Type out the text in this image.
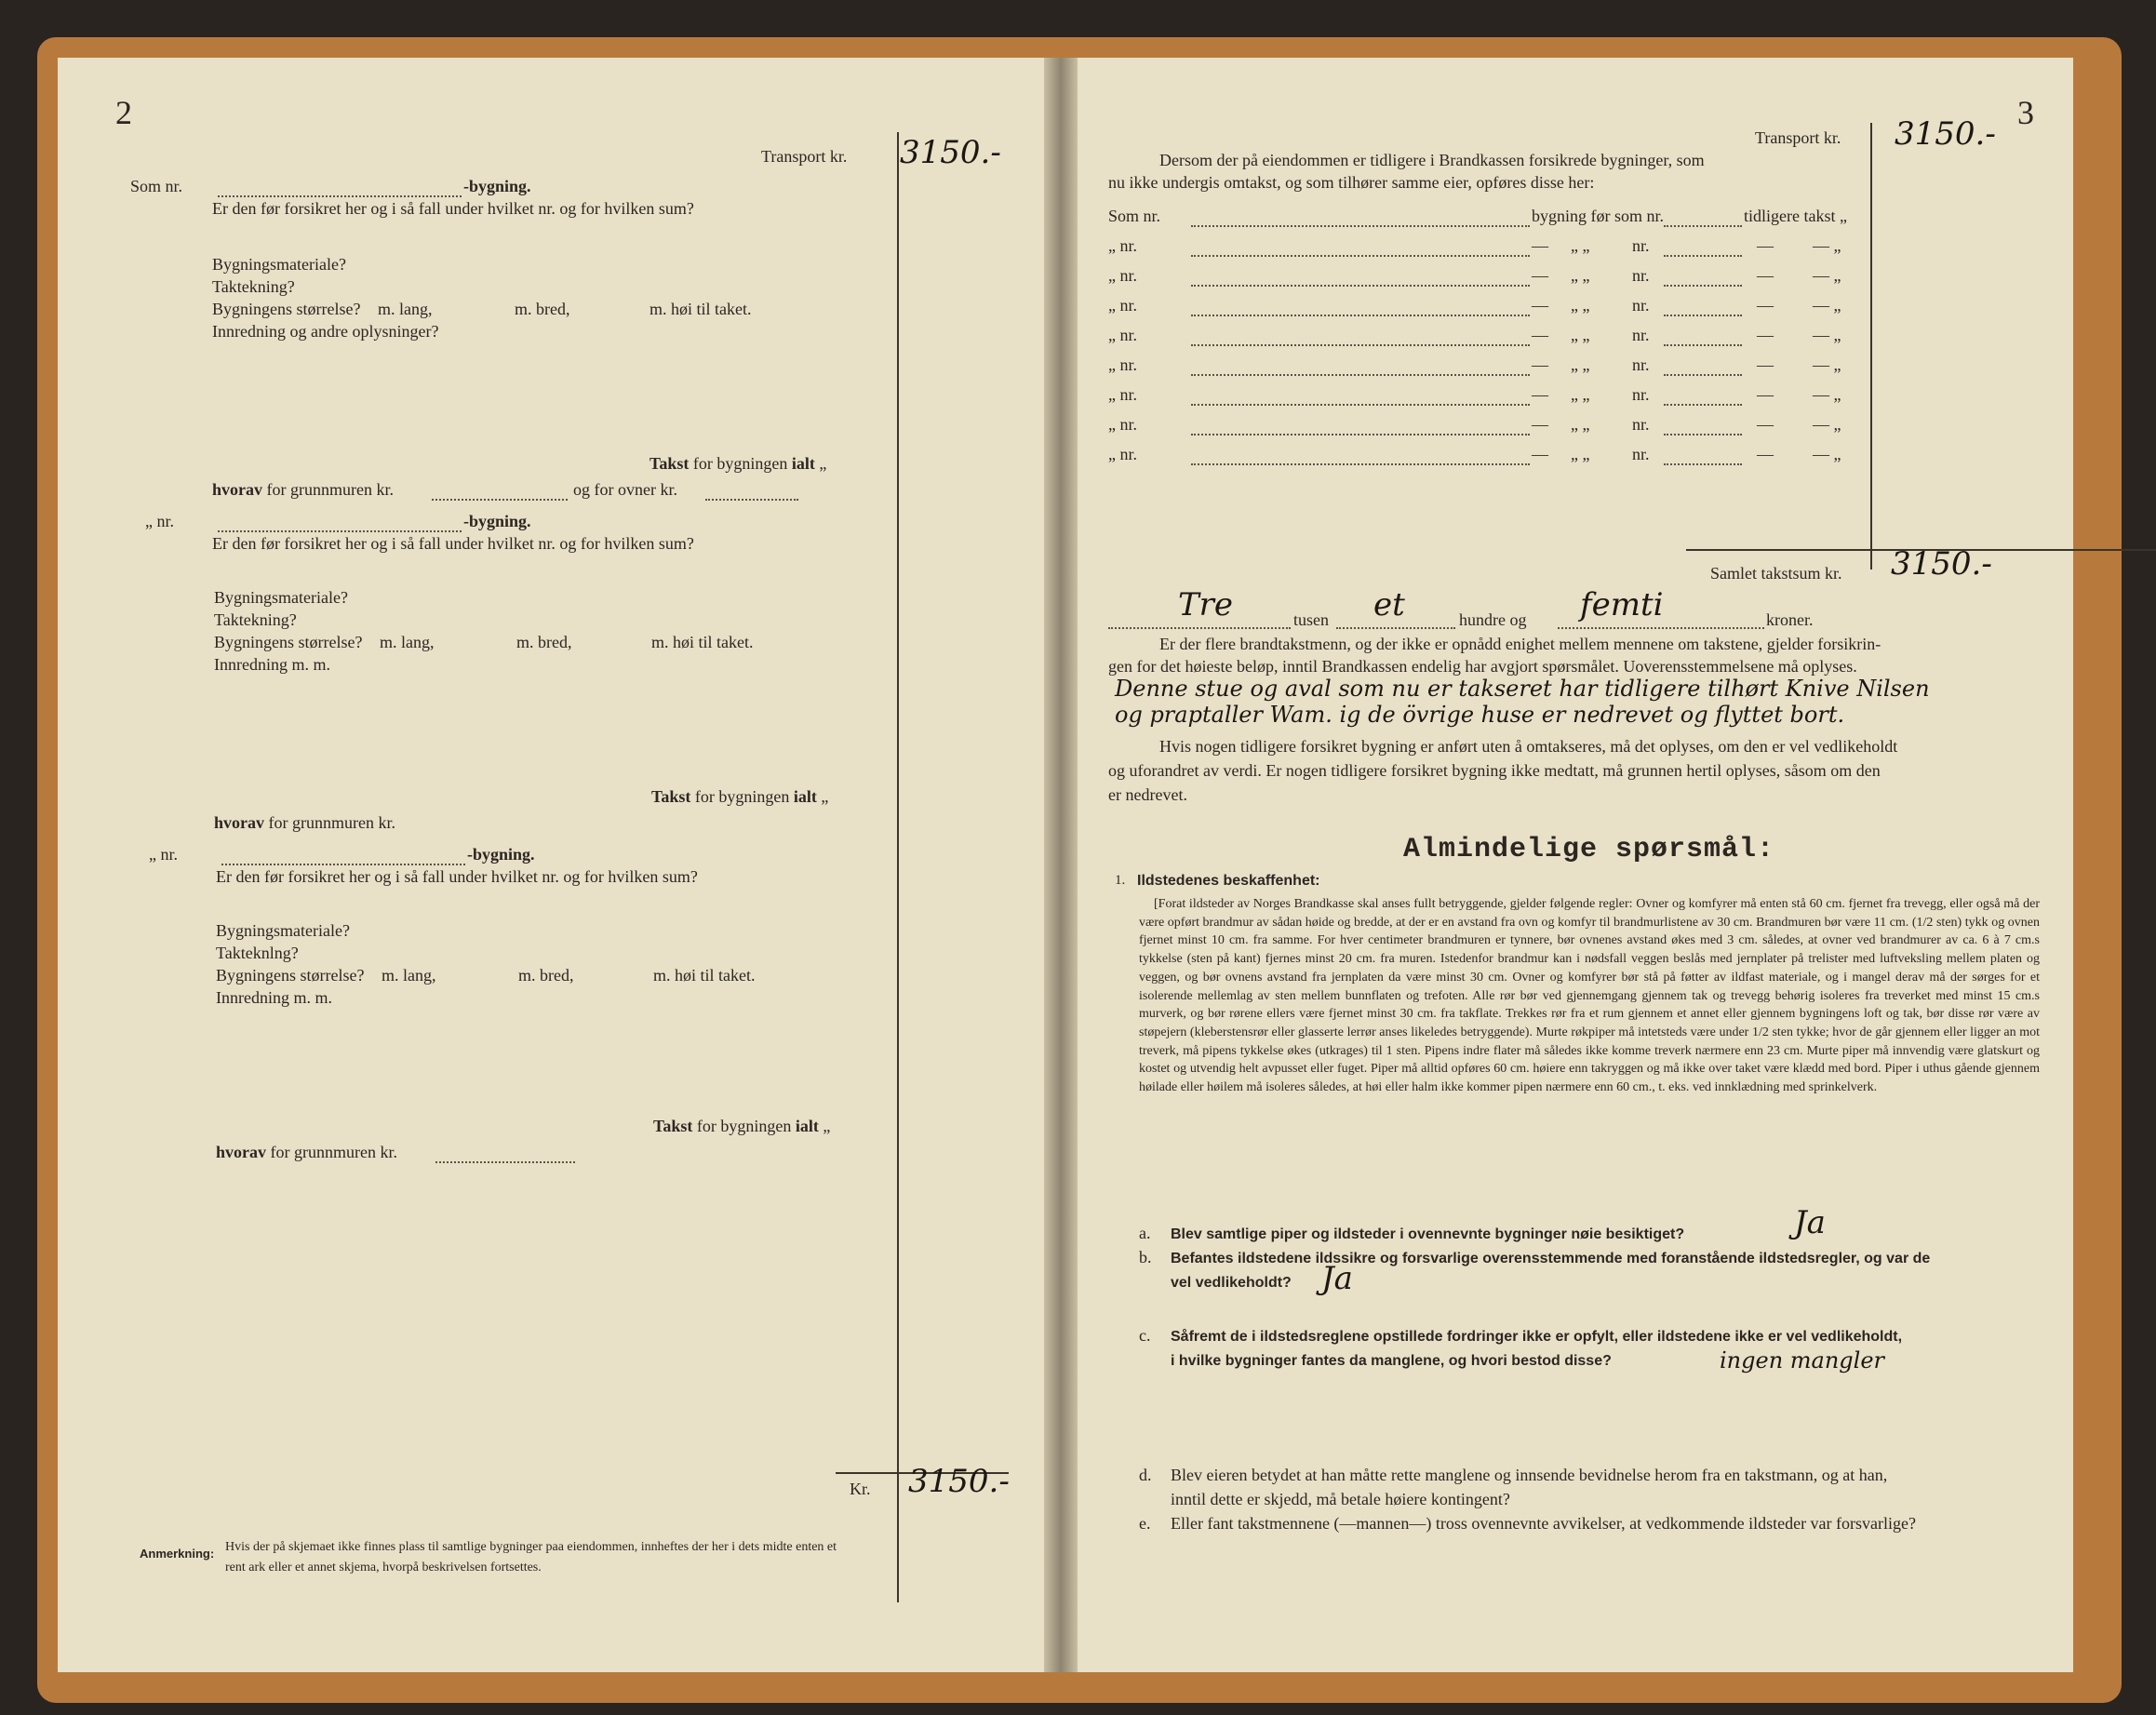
2
Transport kr. 3150.-
Som nr.	-bygning.
Er den før forsikret her og i så fall under hvilket nr. og for hvilken sum?
Bygningsmateriale?
Taktekning?
Bygningens størrelse? m. lang,	m. bred,	m. høi til taket.
Innredning og andre oplysninger?
Takst for bygningen ialt „
hvorav for grunnmuren kr.	og for ovner kr.
„ nr.	-bygning.
Er den før forsikret her og i så fall under hvilket nr. og for hvilken sum?
Bygningsmateriale?
Taktekning?
Bygningens størrelse? m. lang,	m. bred,	m. høi til taket.
Innredning m. m.
Takst for bygningen ialt „
hvorav for grunnmuren kr.
„ nr.	-bygning.
Er den før forsikret her og i så fall under hvilket nr. og for hvilken sum?
Bygningsmateriale?
Takteknlng?
Bygningens størrelse? m. lang,	m. bred,	m. høi til taket.
Innredning m. m.
Takst for bygningen ialt „
hvorav for grunnmuren kr.
Kr. 3150.-
Anmerkning: Hvis der på skjemaet ikke finnes plass til samtlige bygninger paa eiendommen, innheftes der her i dets midte enten et
rent ark eller et annet skjema, hvorpå beskrivelsen fortsettes.
3
Transport kr. 3150.-
Dersom der på eiendommen er tidligere i Brandkassen forsikrede bygninger, som
nu ikke undergis omtakst, og som tilhører samme eier, opføres disse her:
Som nr.	bygning før som nr.	tidligere takst „
„ nr.	— „ „	nr.	— — „
„ nr.	— „ „	nr.	— — „
„ nr.	— „ „	nr.	— — „
„ nr.	— „ „	nr.	— — „
„ nr.	— „ „	nr.	— — „
„ nr.	— „ „	nr.	— — „
„ nr.	— „ „	nr.	— — „
„ nr.	— „ „	nr.	— — „
Samlet takstsum kr. 3150.-
Tre	tusen et	hundre og femti	kroner.
Er der flere brandtakstmenn, og der ikke er opnådd enighet mellem mennene om takstene, gjelder forsikrin-
gen for det høieste beløp, inntil Brandkassen endelig har avgjort spørsmålet. Uoverensstemmelsene må oplyses.
Denne stue og aval som nu er takseret har tidligere tilhørt Knive Nilsen
og praptaller Wam. ig de övrige huse er nedrevet og flyttet bort.
Hvis nogen tidligere forsikret bygning er anført uten å omtakseres, må det oplyses, om den er vel vedlikeholdt
og uforandret av verdi. Er nogen tidligere forsikret bygning ikke medtatt, må grunnen hertil oplyses, såsom om den
er nedrevet.
Almindelige spørsmål:
1. Ildstedenes beskaffenhet:
[Forat ildsteder av Norges Brandkasse skal anses fullt betryggende, gjelder følgende regler: Ovner og komfyrer må enten stå 60 cm. fjernet fra trevegg, eller også må der være opført brandmur av sådan høide og bredde, at der er en avstand fra ovn og komfyr til brandmurlistene av 30 cm. Brandmuren bør være 11 cm. (1/2 sten) tykk og ovnen fjernet minst 10 cm. fra samme. For hver centimeter brandmuren er tynnere, bør ovnenes avstand økes med 3 cm. således, at ovner ved brandmurer av ca. 6 à 7 cm.s tykkelse (sten på kant) fjernes minst 20 cm. fra muren. Istedenfor brandmur kan i nødsfall veggen beslås med jernplater på trelister med luftveksling mellem platen og veggen, og bør ovnens avstand fra jernplaten da være minst 30 cm. Ovner og komfyrer bør stå på føtter av ildfast materiale, og i mangel derav må der sørges for et isolerende mellemlag av sten mellem bunnflaten og trefoten. Alle rør bør ved gjennemgang gjennem tak og trevegg behørig isoleres fra treverket med minst 15 cm.s murverk, og bør rørene ellers være fjernet minst 30 cm. fra takflate. Trekkes rør fra et rum gjennem et annet eller gjennem bygningens loft og tak, bør disse rør være av støpejern (kleberstensrør eller glasserte lerrør anses likeledes betryggende). Murte røkpiper må intetsteds være under 1/2 sten tykke; hvor de går gjennem eller ligger an mot treverk, må pipens tykkelse økes (utkrages) til 1 sten. Pipens indre flater må således ikke komme treverk nærmere enn 23 cm. Murte piper må innvendig være glatskurt og kostet og utvendig helt avpusset eller fuget. Piper må alltid opføres 60 cm. høiere enn takryggen og må ikke over taket være klædd med bord. Piper i uthus gående gjennem høilade eller høilem må isoleres således, at høi eller halm ikke kommer pipen nærmere enn 60 cm., t. eks. ved innklædning med sprinkelverk.
a. Blev samtlige piper og ildsteder i ovennevnte bygninger nøie besiktiget?	Ja
b. Befantes ildstedene ildssikre og forsvarlige overensstemmende med foranstående ildstedsregler, og var de
vel vedlikeholdt? Ja
c. Såfremt de i ildstedsreglene opstillede fordringer ikke er opfylt, eller ildstedene ikke er vel vedlikeholdt,
i hvilke bygninger fantes da manglene, og hvori bestod disse?	ingen mangler
d. Blev eieren betydet at han måtte rette manglene og innsende bevidnelse herom fra en takstmann, og at han,
inntil dette er skjedd, må betale høiere kontingent?
e. Eller fant takstmennene (—mannen—) tross ovennevnte avvikelser, at vedkommende ildsteder var forsvarlige?
